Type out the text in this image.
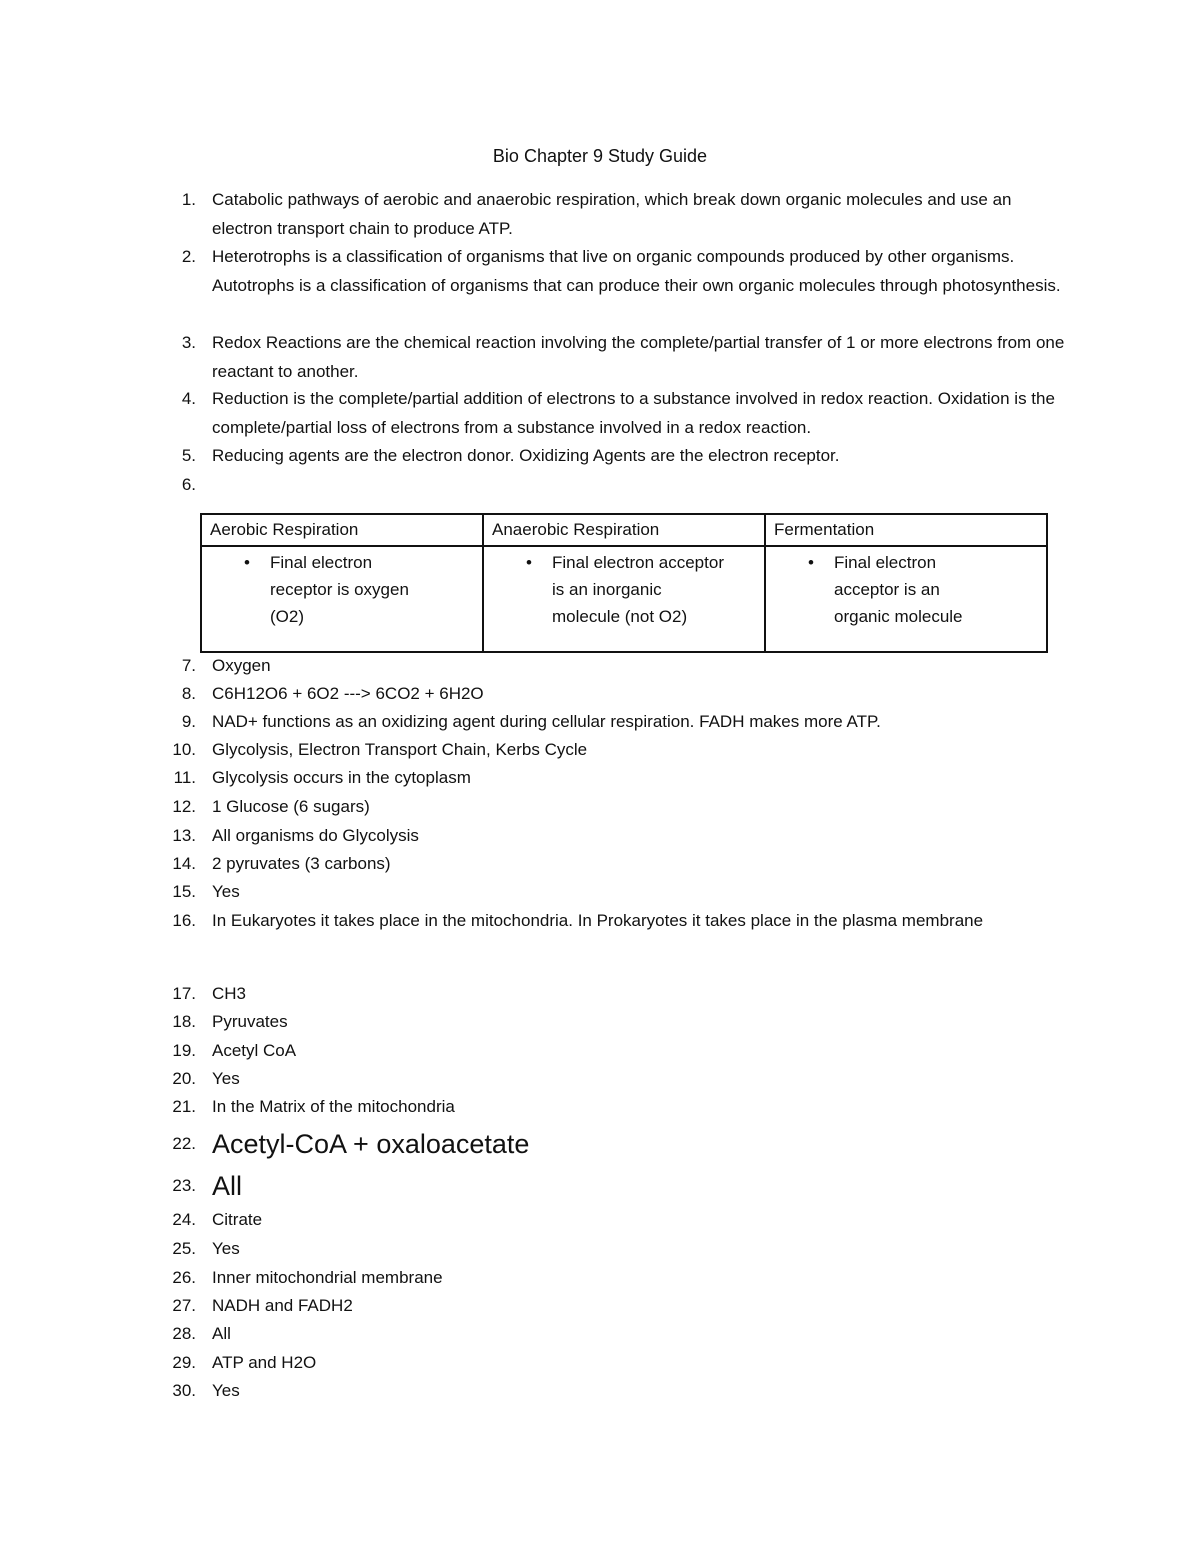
Bio Chapter 9 Study Guide
1. Catabolic pathways of aerobic and anaerobic respiration, which break down organic molecules and use an electron transport chain to produce ATP.
2. Heterotrophs is a classification of organisms that live on organic compounds produced by other organisms. Autotrophs is a classification of organisms that can produce their own organic molecules through photosynthesis.
3. Redox Reactions are the chemical reaction involving the complete/partial transfer of 1 or more electrons from one reactant to another.
4. Reduction is the complete/partial addition of electrons to a substance involved in redox reaction. Oxidation is the complete/partial loss of electrons from a substance involved in a redox reaction.
5. Reducing agents are the electron donor. Oxidizing Agents are the electron receptor.
6.
Aerobic Respiration	Anaerobic Respiration	Fermentation

• Final electron receptor is oxygen (O2)	• Final electron acceptor is an inorganic molecule (not O2)	• Final electron acceptor is an organic molecule
7. Oxygen
8. C6H12O6 + 6O2 ---> 6CO2 + 6H2O
9. NAD+ functions as an oxidizing agent during cellular respiration. FADH makes more ATP.
10. Glycolysis, Electron Transport Chain, Kerbs Cycle
11. Glycolysis occurs in the cytoplasm
12. 1 Glucose (6 sugars)
13. All organisms do Glycolysis
14. 2 pyruvates (3 carbons)
15. Yes
16. In Eukaryotes it takes place in the mitochondria. In Prokaryotes it takes place in the plasma membrane
17. CH3
18. Pyruvates
19. Acetyl CoA
20. Yes
21. In the Matrix of the mitochondria
22. Acetyl-CoA + oxaloacetate
23. All
24. Citrate
25. Yes
26. Inner mitochondrial membrane
27. NADH and FADH2
28. All
29. ATP and H2O
30. Yes
